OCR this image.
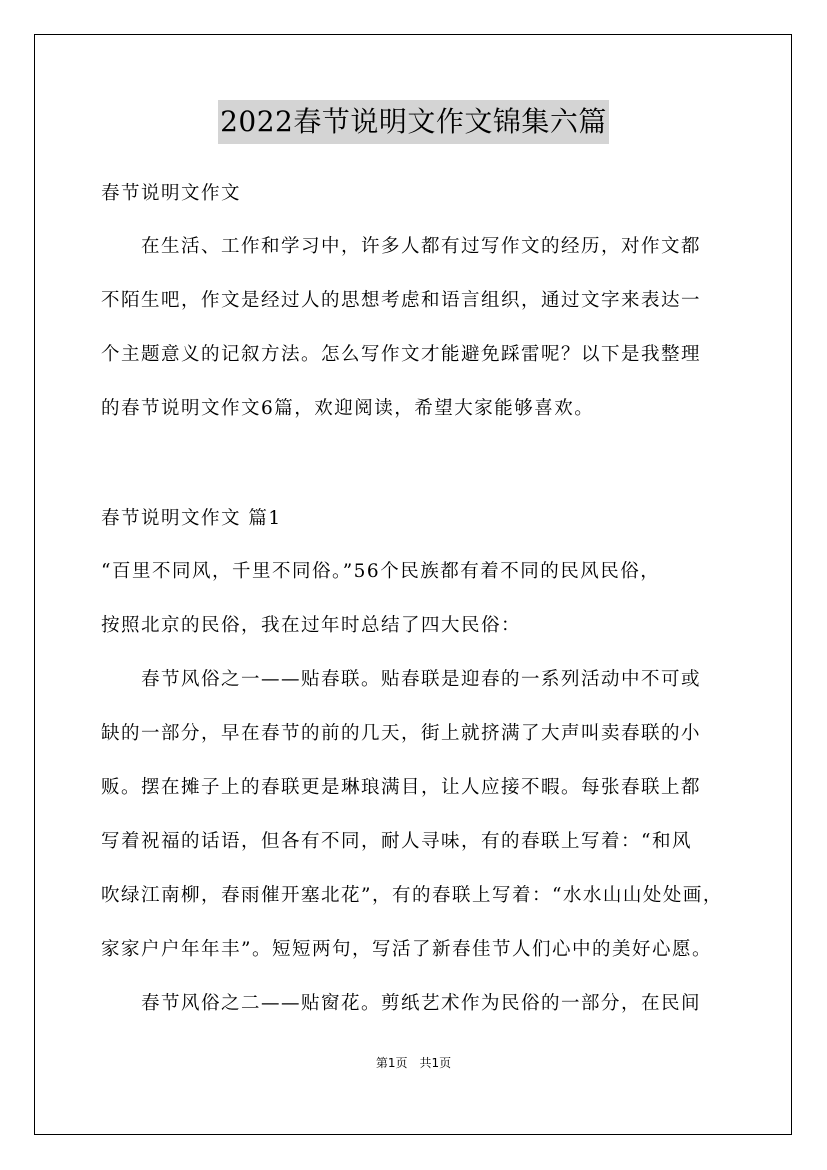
2022春节说明文作文锦集六篇
春节说明文作文
　　在生活、工作和学习中，许多人都有过写作文的经历，对作文都
不陌生吧，作文是经过人的思想考虑和语言组织，通过文字来表达一
个主题意义的记叙方法。怎么写作文才能避免踩雷呢？以下是我整理
的春节说明文作文6篇，欢迎阅读，希望大家能够喜欢。
春节说明文作文 篇1
“百里不同风，千里不同俗。”56个民族都有着不同的民风民俗，
按照北京的民俗，我在过年时总结了四大民俗：
　　春节风俗之一——贴春联。贴春联是迎春的一系列活动中不可或
缺的一部分，早在春节的前的几天，街上就挤满了大声叫卖春联的小
贩。摆在摊子上的春联更是琳琅满目，让人应接不暇。每张春联上都
写着祝福的话语，但各有不同，耐人寻味，有的春联上写着：“和风
吹绿江南柳，春雨催开塞北花”，有的春联上写着：“水水山山处处画，
家家户户年年丰”。短短两句，写活了新春佳节人们心中的美好心愿。
　　春节风俗之二——贴窗花。剪纸艺术作为民俗的一部分，在民间
第1页　共1页
